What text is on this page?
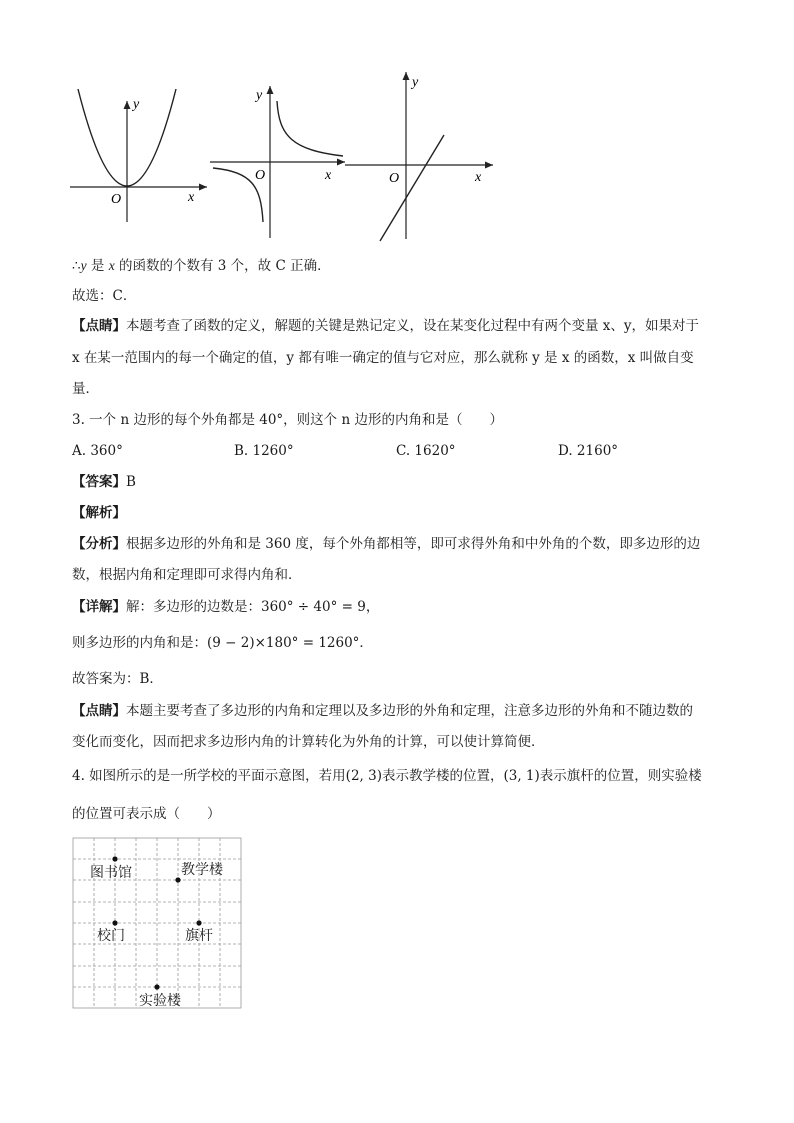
y
x
O
y
x
O
y
x
O
∴y 是 x 的函数的个数有 3 个，故 C 正确．
故选：C．
【点睛】本题考查了函数的定义，解题的关键是熟记定义，设在某变化过程中有两个变量 x、y，如果对于
x 在某一范围内的每一个确定的值，y 都有唯一确定的值与它对应，那么就称 y 是 x 的函数，x 叫做自变
量．
3. 一个 n 边形的每个外角都是 40°，则这个 n 边形的内角和是（　　）
A. 360°	B. 1260°	C. 1620°	D. 2160°
【答案】B
【解析】
【分析】根据多边形的外角和是 360 度，每个外角都相等，即可求得外角和中外角的个数，即多边形的边
数，根据内角和定理即可求得内角和．
【详解】解：多边形的边数是：360° ÷ 40° = 9，
则多边形的内角和是：(9 − 2)×180° = 1260°．
故答案为：B．
【点睛】本题主要考查了多边形的内角和定理以及多边形的外角和定理，注意多边形的外角和不随边数的
变化而变化，因而把求多边形内角的计算转化为外角的计算，可以使计算简便．
4. 如图所示的是一所学校的平面示意图，若用(2, 3)表示教学楼的位置，(3, 1)表示旗杆的位置，则实验楼
的位置可表示成（　　）
图书馆	教学楼
校门	旗杆
实验楼
